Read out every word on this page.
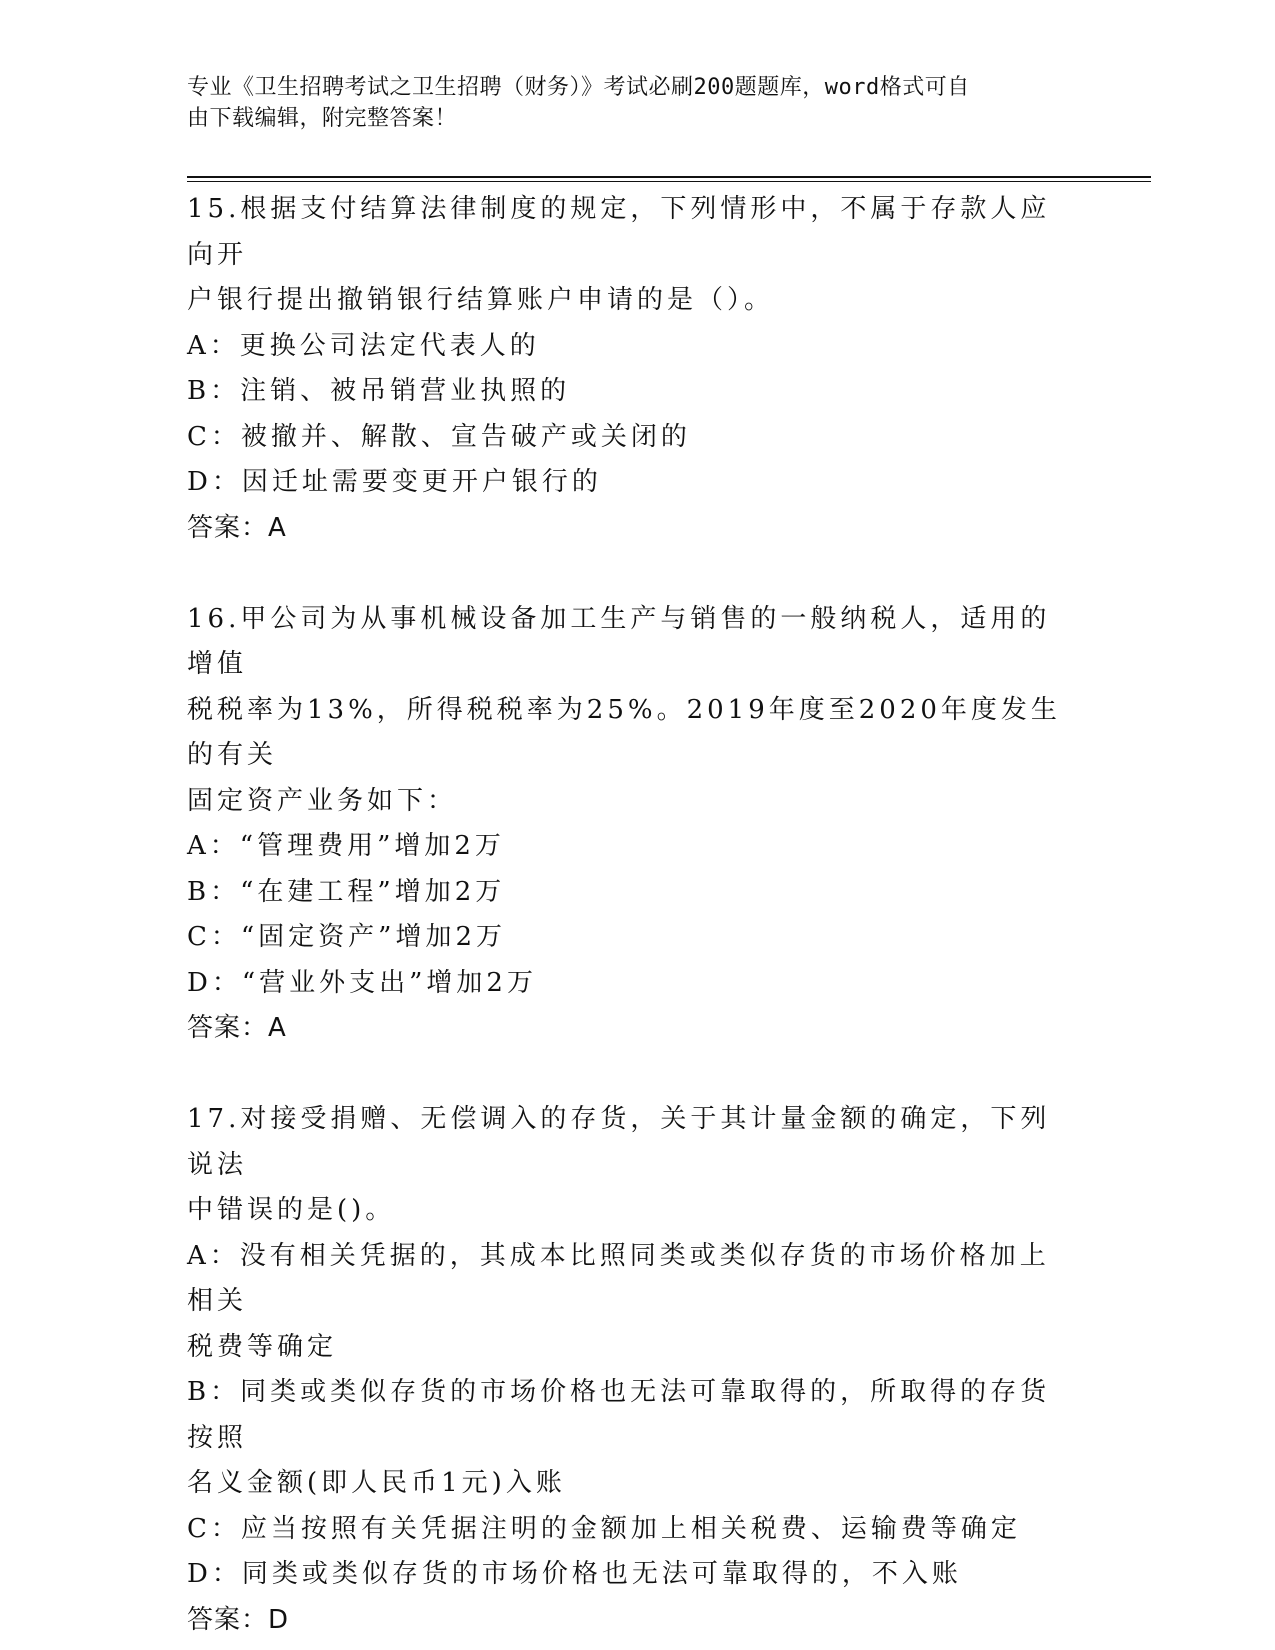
专业《卫生招聘考试之卫生招聘（财务）》考试必刷200题题库，word格式可自
由下载编辑，附完整答案！
15.根据支付结算法律制度的规定，下列情形中，不属于存款人应向开
户银行提出撤销银行结算账户申请的是（）。
A：更换公司法定代表人的
B：注销、被吊销营业执照的
C：被撤并、解散、宣告破产或关闭的
D：因迁址需要变更开户银行的
答案：A
16.甲公司为从事机械设备加工生产与销售的一般纳税人，适用的增值
税税率为13%，所得税税率为25%。2019年度至2020年度发生的有关
固定资产业务如下：
A：“管理费用”增加2万
B：“在建工程”增加2万
C：“固定资产”增加2万
D：“营业外支出”增加2万
答案：A
17.对接受捐赠、无偿调入的存货，关于其计量金额的确定，下列说法
中错误的是()。
A：没有相关凭据的，其成本比照同类或类似存货的市场价格加上相关
税费等确定
B：同类或类似存货的市场价格也无法可靠取得的，所取得的存货按照
名义金额(即人民币1元)入账
C：应当按照有关凭据注明的金额加上相关税费、运输费等确定
D：同类或类似存货的市场价格也无法可靠取得的，不入账
答案：D
